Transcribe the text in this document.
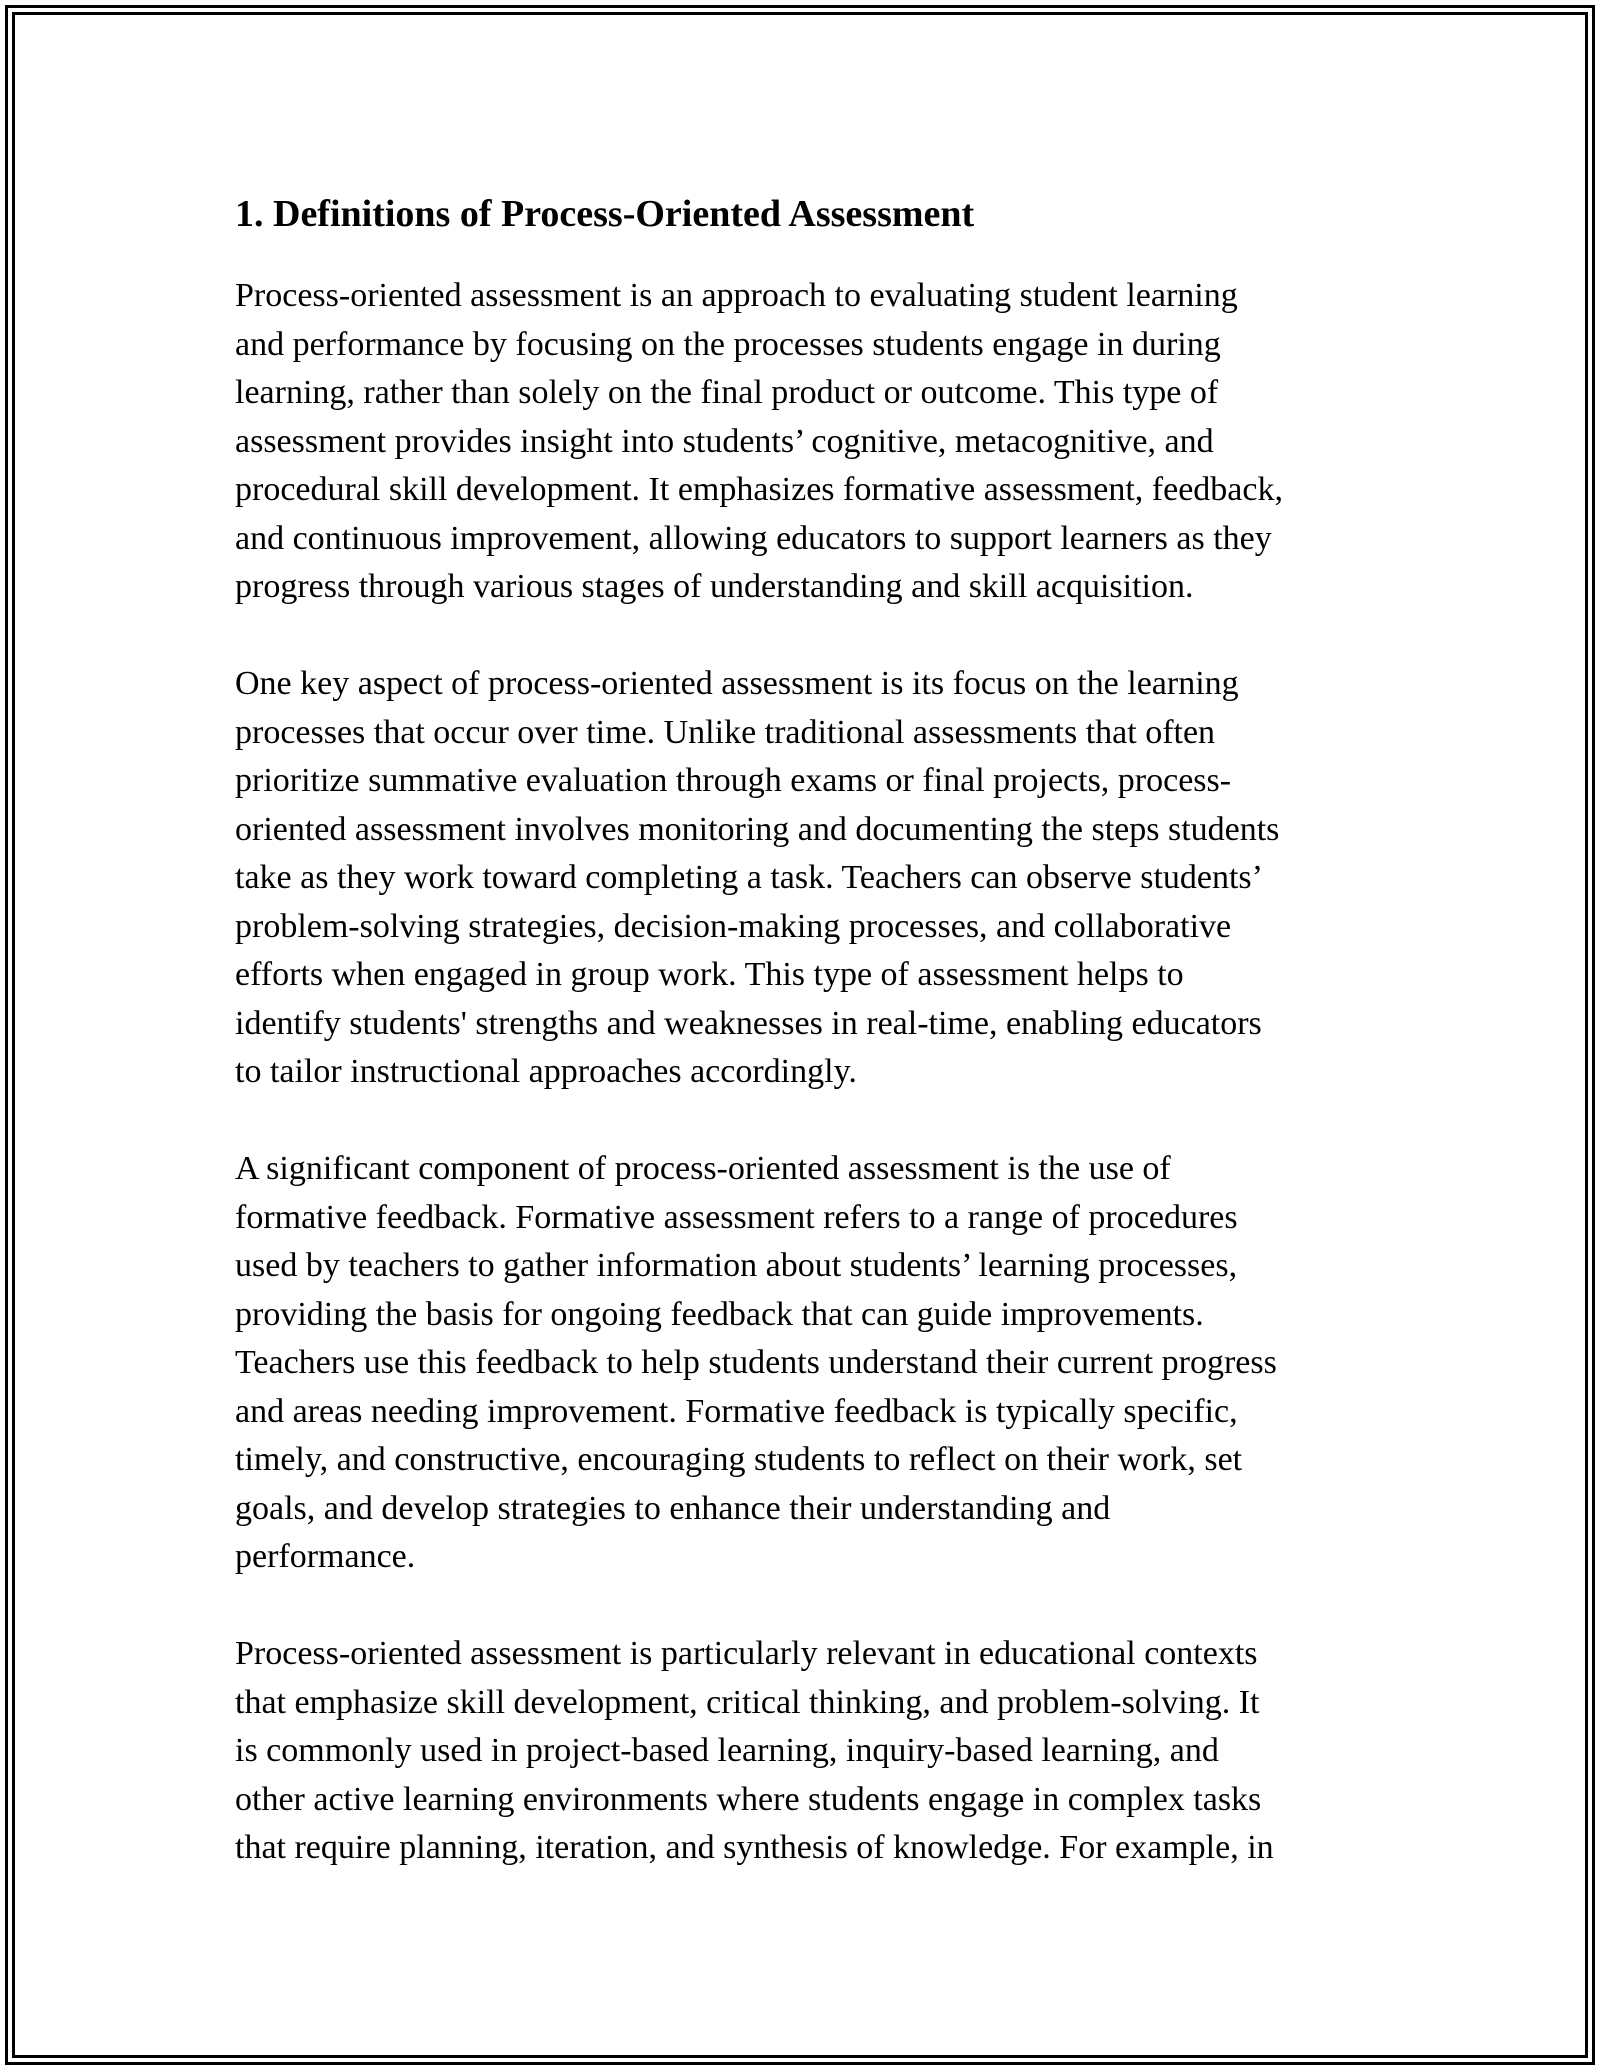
1. Definitions of Process-Oriented Assessment

Process-oriented assessment is an approach to evaluating student learning
and performance by focusing on the processes students engage in during
learning, rather than solely on the final product or outcome. This type of
assessment provides insight into students’ cognitive, metacognitive, and
procedural skill development. It emphasizes formative assessment, feedback,
and continuous improvement, allowing educators to support learners as they
progress through various stages of understanding and skill acquisition.

One key aspect of process-oriented assessment is its focus on the learning
processes that occur over time. Unlike traditional assessments that often
prioritize summative evaluation through exams or final projects, process-
oriented assessment involves monitoring and documenting the steps students
take as they work toward completing a task. Teachers can observe students’
problem-solving strategies, decision-making processes, and collaborative
efforts when engaged in group work. This type of assessment helps to
identify students' strengths and weaknesses in real-time, enabling educators
to tailor instructional approaches accordingly.

A significant component of process-oriented assessment is the use of
formative feedback. Formative assessment refers to a range of procedures
used by teachers to gather information about students’ learning processes,
providing the basis for ongoing feedback that can guide improvements.
Teachers use this feedback to help students understand their current progress
and areas needing improvement. Formative feedback is typically specific,
timely, and constructive, encouraging students to reflect on their work, set
goals, and develop strategies to enhance their understanding and
performance.

Process-oriented assessment is particularly relevant in educational contexts
that emphasize skill development, critical thinking, and problem-solving. It
is commonly used in project-based learning, inquiry-based learning, and
other active learning environments where students engage in complex tasks
that require planning, iteration, and synthesis of knowledge. For example, in
